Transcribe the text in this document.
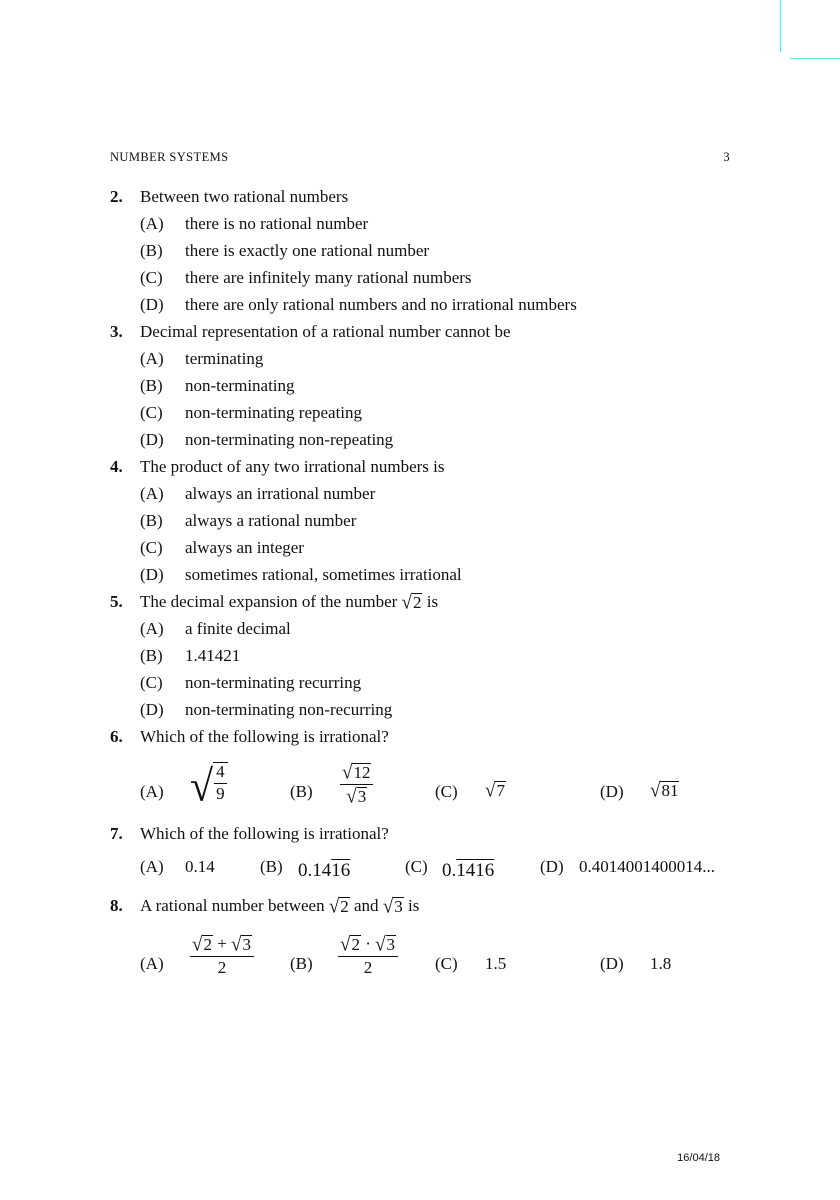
NUMBER SYSTEMS	3
2. Between two rational numbers
(A) there is no rational number
(B) there is exactly one rational number
(C) there are infinitely many rational numbers
(D) there are only rational numbers and no irrational numbers
3. Decimal representation of a rational number cannot be
(A) terminating
(B) non-terminating
(C) non-terminating repeating
(D) non-terminating non-repeating
4. The product of any two irrational numbers is
(A) always an irrational number
(B) always a rational number
(C) always an integer
(D) sometimes rational, sometimes irrational
5. The decimal expansion of the number √ 2 is
(A) a finite decimal
(B) 1.41421
(C) non-terminating recurring
(D) non-terminating non-recurring
6. Which of the following is irrational?
(A) √ $\frac{4}{9}$	$(B) \frac{√ 12}{√ 3}$	(C) √ 7	(D) √ 81
7. Which of the following is irrational?
(A) 0.14	(B) 0.1416	(C) 0.1416	(D) 0.4014001400014...
8. A rational number between √ 2 and √ 3 is
$(A) \frac{√ 2 + √ 3}{2} (B) \frac{√ 2 \cdot √ 3}{2} (C)$ 1.5	(D) 1.8
16/04/18
